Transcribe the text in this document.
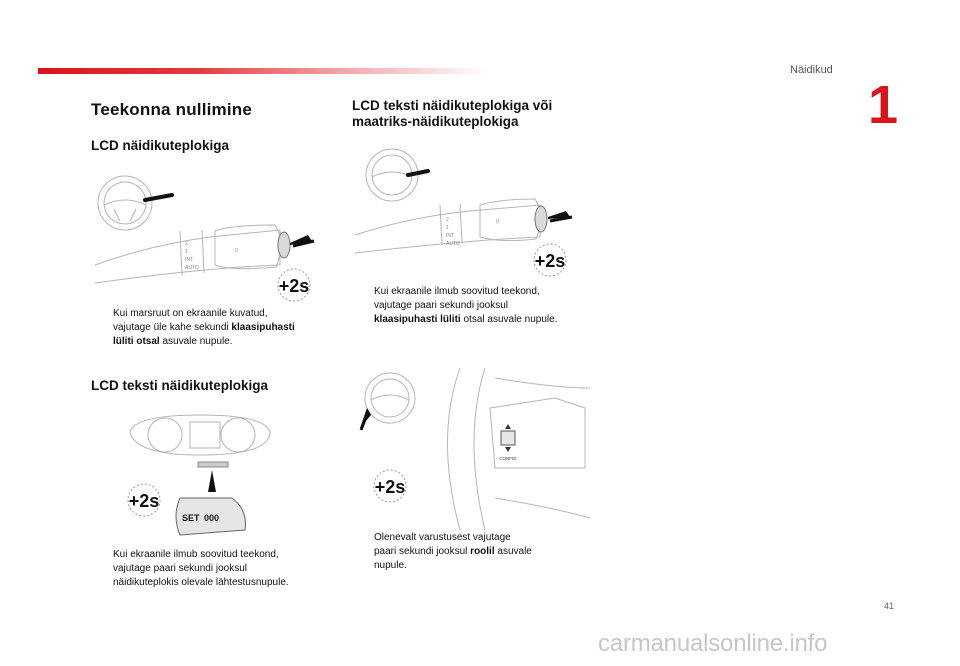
Näidikud
1
Teekonna nullimine
LCD näidikuteplokiga
2
1
INT
AUTO
0
+2s
Kui marsruut on ekraanile kuvatud,
vajutage üle kahe sekundi klaasipuhasti
lüliti otsal asuvale nupule.
LCD teksti näidikuteplokiga
SET 000
+2s
Kui ekraanile ilmub soovitud teekond,
vajutage paari sekundi jooksul
näidikuteplokis olevale lähtestusnupule.
LCD teksti näidikuteplokiga või
maatriks-näidikuteplokiga
2
1
INT
AUTO
0
+2s
Kui ekraanile ilmub soovitud teekond,
vajutage paari sekundi jooksul
klaasipuhasti lüliti otsal asuvale nupule.
CONFIG
+2s
Olenevalt varustusest vajutage
paari sekundi jooksul roolil asuvale
nupule.
41
carmanualsonline.info
